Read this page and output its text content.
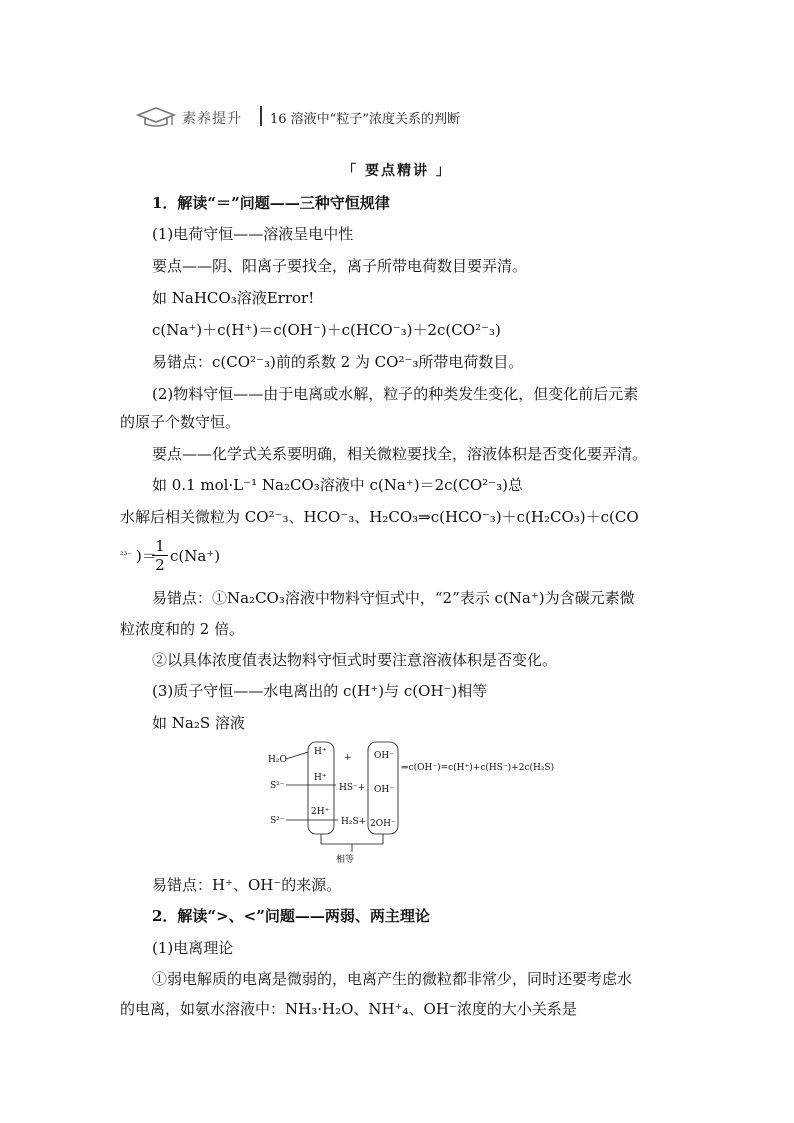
素养提升 16 溶液中“粒子”浓度关系的判断
「 要点精讲 」
1．解读“＝”问题——三种守恒规律
(1)电荷守恒——溶液呈电中性
要点——阴、阳离子要找全，离子所带电荷数目要弄清。
如 NaHCO₃溶液Error!
c(Na⁺)＋c(H⁺)＝c(OH⁻)＋c(HCO⁻₃)＋2c(CO²⁻₃)
易错点：c(CO²⁻₃)前的系数 2 为 CO²⁻₃所带电荷数目。
(2)物料守恒——由于电离或水解，粒子的种类发生变化，但变化前后元素
的原子个数守恒。
要点——化学式关系要明确，相关微粒要找全，溶液体积是否变化要弄清。
如 0.1 mol·L⁻¹ Na₂CO₃溶液中 c(Na⁺)＝2c(CO²⁻₃)总
水解后相关微粒为 CO²⁻₃、HCO⁻₃、H₂CO₃⇒c(HCO⁻₃)＋c(H₂CO₃)＋c(CO
²³⁻ )＝
$\frac{1}{2} c(Na^+)$
易错点：①Na₂CO₃溶液中物料守恒式中，“2”表示 c(Na⁺)为含碳元素微
粒浓度和的 2 倍。
②以具体浓度值表达物料守恒式时要注意溶液体积是否变化。
(3)质子守恒——水电离出的 c(H⁺)与 c(OH⁻)相等
如 Na₂S 溶液
H₂O
S²⁻
S²⁻
H⁺
H⁺
2H⁺
HS⁻+
H₂S+
+ OH⁻
OH⁻
2OH⁻
⇒c(OH⁻)=c(H⁺)+c(HS⁻)+2c(H₂S)
相等
易错点：H⁺、OH⁻的来源。
2．解读“>、<”问题——两弱、两主理论
(1)电离理论
①弱电解质的电离是微弱的，电离产生的微粒都非常少，同时还要考虑水
的电离，如氨水溶液中：NH₃·H₂O、NH⁺₄、OH⁻浓度的大小关系是
